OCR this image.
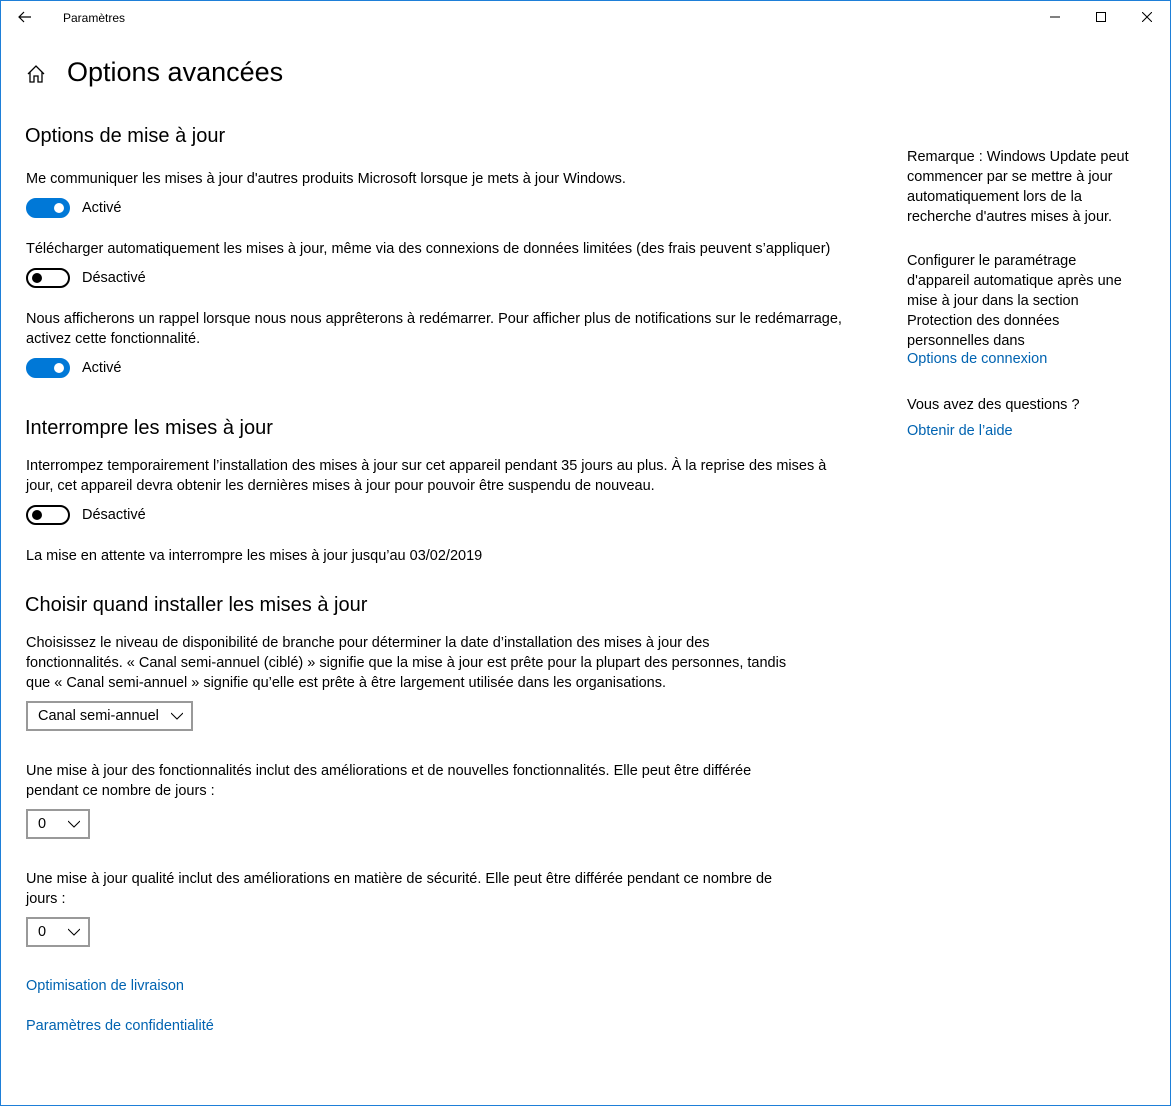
Paramètres
Options avancées
Options de mise à jour

Me communiquer les mises à jour d'autres produits Microsoft lorsque je mets à jour Windows.

Activé

Télécharger automatiquement les mises à jour, même via des connexions de données limitées (des frais peuvent s’appliquer)

Désactivé

Nous afficherons un rappel lorsque nous nous apprêterons à redémarrer. Pour afficher plus de notifications sur le redémarrage,

activez cette fonctionnalité.

Activé
Interrompre les mises à jour

Interrompez temporairement l’installation des mises à jour sur cet appareil pendant 35 jours au plus. À la reprise des mises à

jour, cet appareil devra obtenir les dernières mises à jour pour pouvoir être suspendu de nouveau.

Désactivé

La mise en attente va interrompre les mises à jour jusqu’au 03/02/2019

Choisir quand installer les mises à jour

Choisissez le niveau de disponibilité de branche pour déterminer la date d’installation des mises à jour des

fonctionnalités. « Canal semi-annuel (ciblé) » signifie que la mise à jour est prête pour la plupart des personnes, tandis

que « Canal semi-annuel » signifie qu’elle est prête à être largement utilisée dans les organisations.

Canal semi-annuel

Une mise à jour des fonctionnalités inclut des améliorations et de nouvelles fonctionnalités. Elle peut être différée

pendant ce nombre de jours :

0

Une mise à jour qualité inclut des améliorations en matière de sécurité. Elle peut être différée pendant ce nombre de

jours :

0
Optimisation de livraison
Paramètres de confidentialité

Remarque : Windows Update peut

commencer par se mettre à jour

automatiquement lors de la

recherche d'autres mises à jour.

Configurer le paramétrage

d'appareil automatique après une

mise à jour dans la section

Protection des données

personnelles dans

Options de connexion

Vous avez des questions ?

Obtenir de l’aide
